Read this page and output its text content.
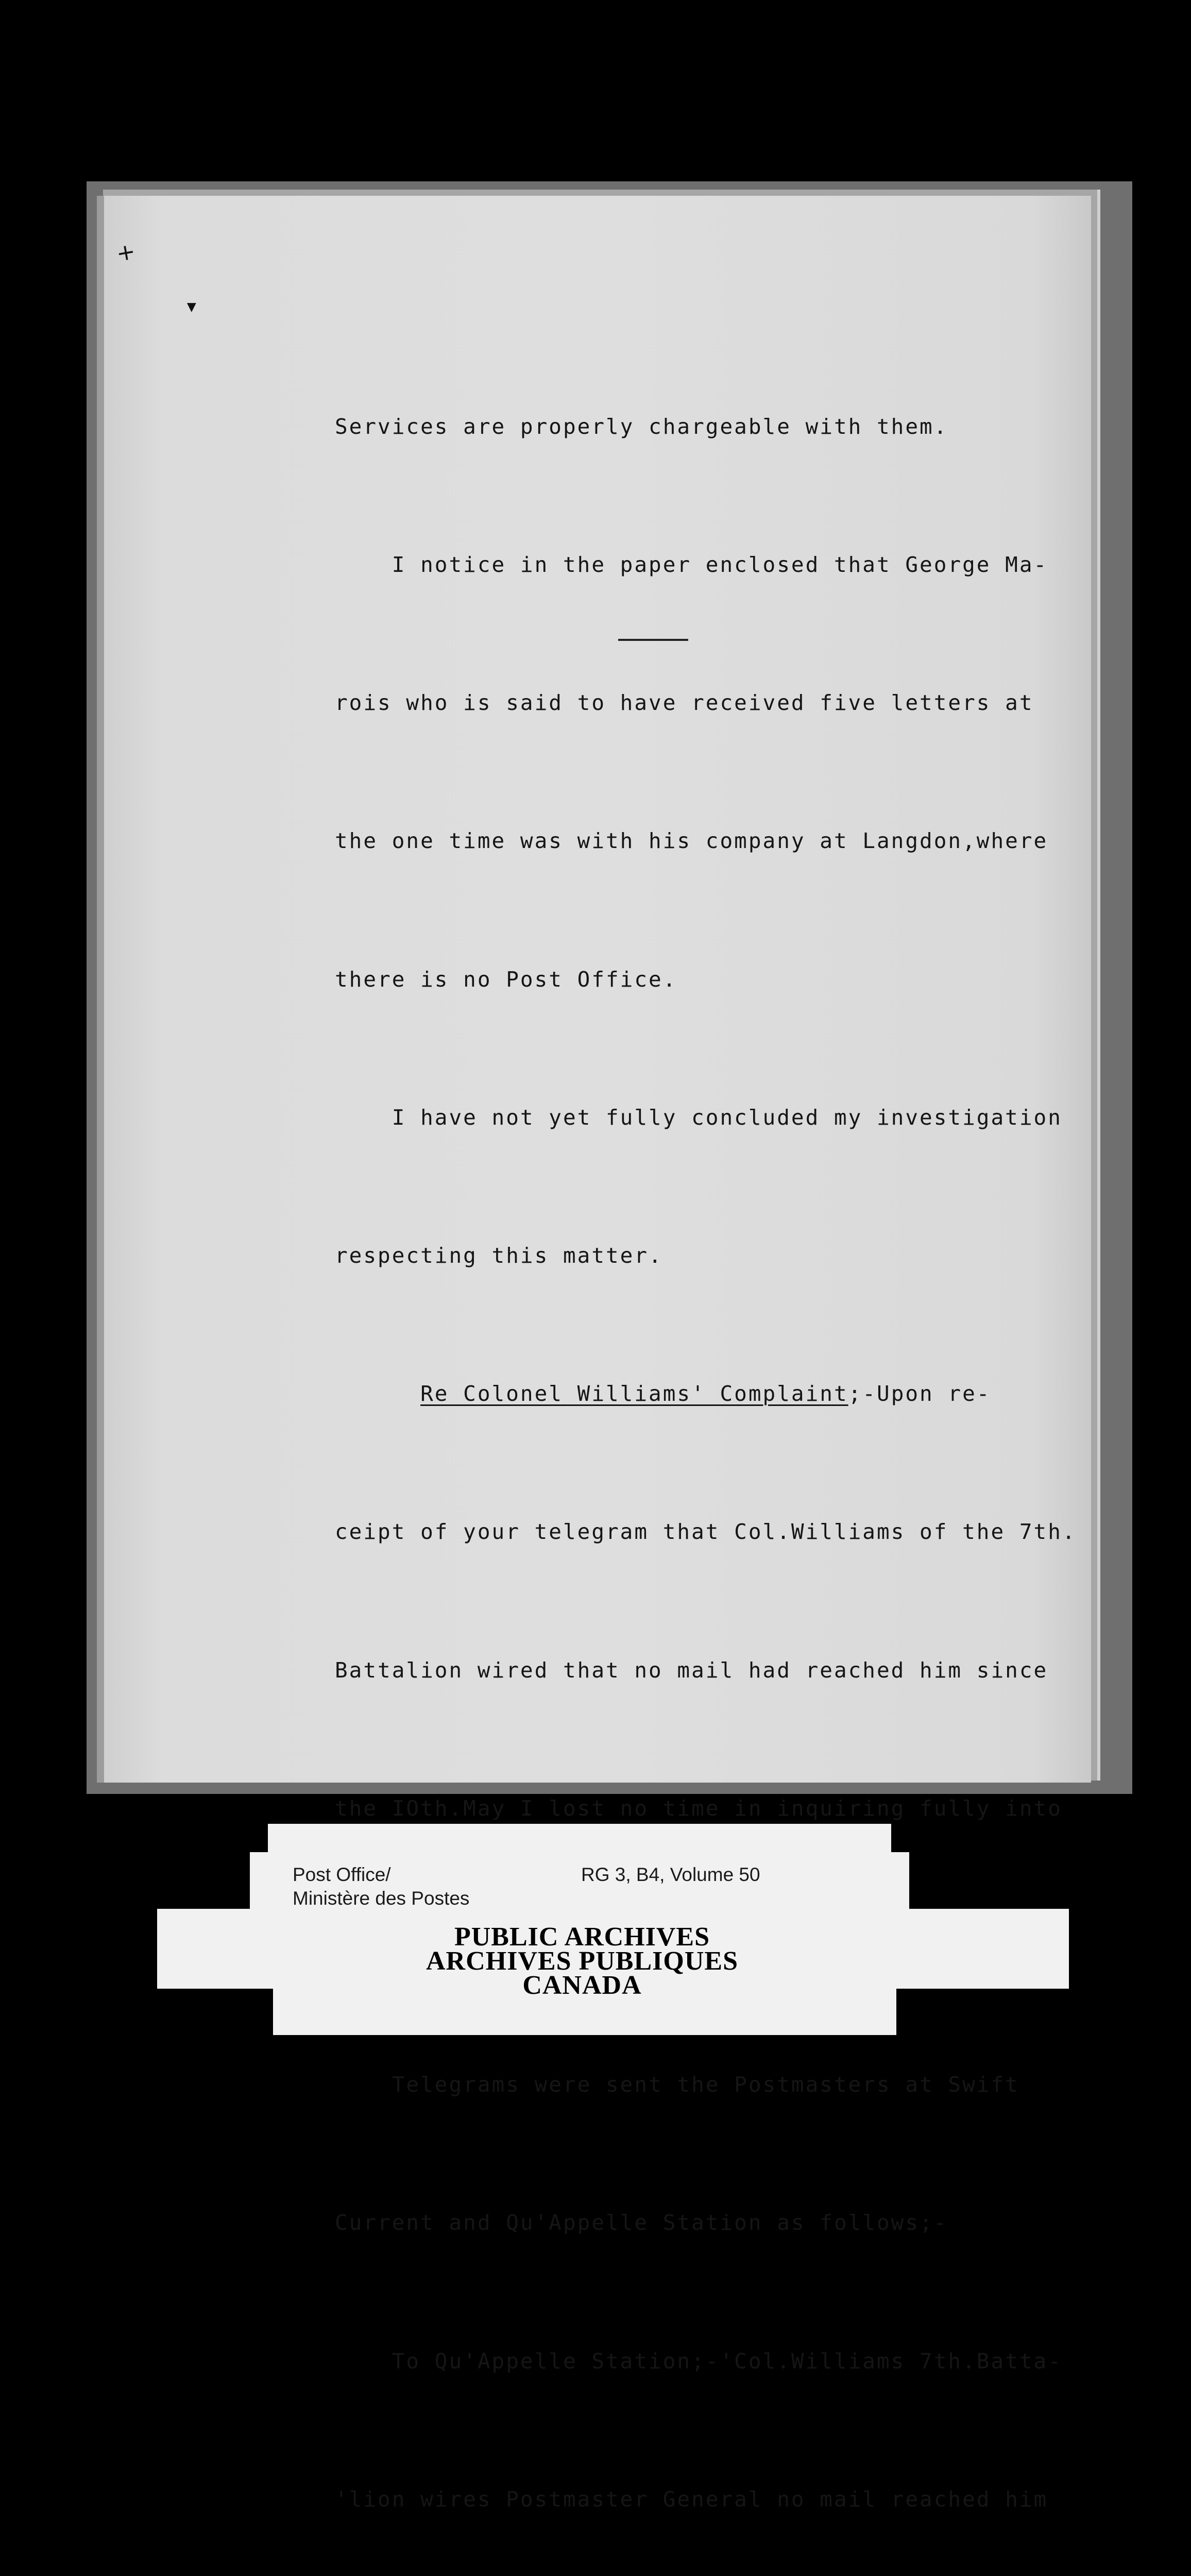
✕
▾

Services are properly chargeable with them.

I notice in the paper enclosed that George Ma-

rois who is said to have received five letters at

the one time was with his company at Langdon,where

there is no Post Office.

I have not yet fully concluded my investigation

respecting this matter.

Re Colonel Williams' Complaint;-Upon re-

ceipt of your telegram that Col.Williams of the 7th.

Battalion wired that no mail had reached him since

the IOth.May I lost no time in inquiring fully into

Telegrams were sent the Postmasters at Swift

Current and Qu'Appelle Station as follows;-

To Qu'Appelle Station;-'Col.Williams 7th.Batta-

'lion wires Postmaster General no mail reached him

Post Office/
Ministère des Postes
RG 3, B4, Volume 50
PUBLIC ARCHIVES
ARCHIVES PUBLIQUES
CANADA
